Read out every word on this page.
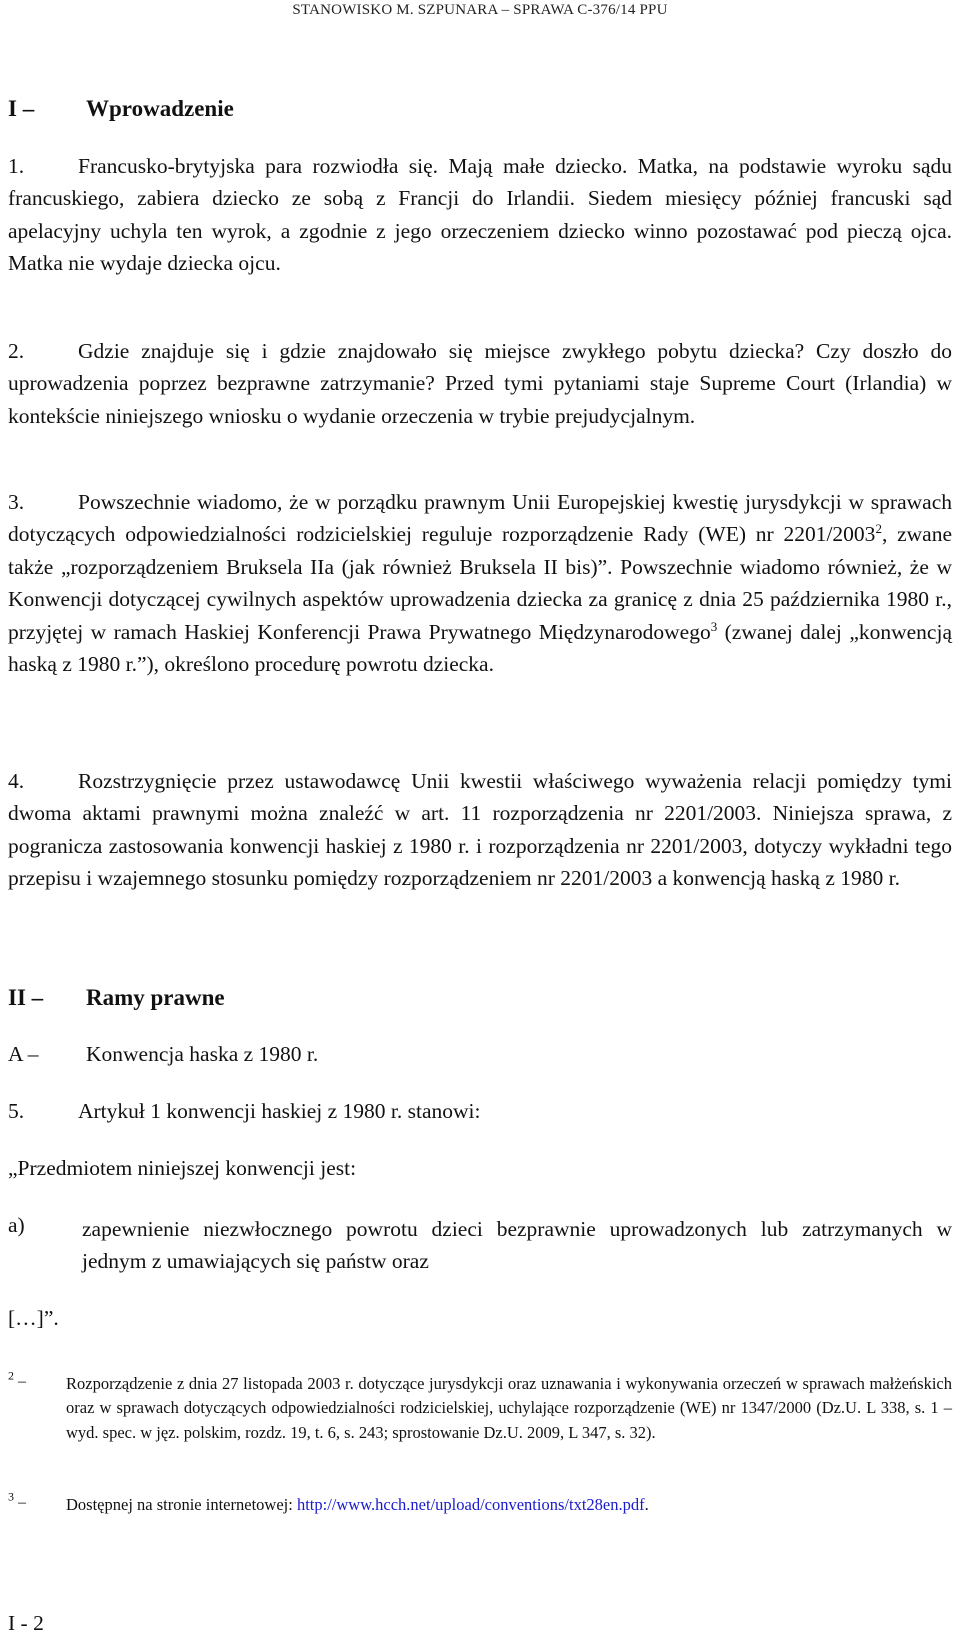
STANOWISKO M. SZPUNARA – SPRAWA C-376/14 PPU
I – Wprowadzenie
1.	Francusko-brytyjska para rozwiodła się. Mają małe dziecko. Matka, na podstawie wyroku sądu francuskiego, zabiera dziecko ze sobą z Francji do Irlandii. Siedem miesięcy później francuski sąd apelacyjny uchyla ten wyrok, a zgodnie z jego orzeczeniem dziecko winno pozostawać pod pieczą ojca. Matka nie wydaje dziecka ojcu.
2.	Gdzie znajduje się i gdzie znajdowało się miejsce zwykłego pobytu dziecka? Czy doszło do uprowadzenia poprzez bezprawne zatrzymanie? Przed tymi pytaniami staje Supreme Court (Irlandia) w kontekście niniejszego wniosku o wydanie orzeczenia w trybie prejudycjalnym.
3.	Powszechnie wiadomo, że w porządku prawnym Unii Europejskiej kwestię jurysdykcji w sprawach dotyczących odpowiedzialności rodzicielskiej reguluje rozporządzenie Rady (WE) nr 2201/2003$^2$, zwane także „rozporządzeniem Bruksela IIa (jak również Bruksela II bis)”. Powszechnie wiadomo również, że w Konwencji dotyczącej cywilnych aspektów uprowadzenia dziecka za granicę z dnia 25 października 1980 r., przyjętej w ramach Haskiej Konferencji Prawa Prywatnego Międzynarodowego$^3$ (zwanej dalej „konwencją haską z 1980 r.”), określono procedurę powrotu dziecka.
4.	Rozstrzygnięcie przez ustawodawcę Unii kwestii właściwego wyważenia relacji pomiędzy tymi dwoma aktami prawnymi można znaleźć w art. 11 rozporządzenia nr 2201/2003. Niniejsza sprawa, z pogranicza zastosowania konwencji haskiej z 1980 r. i rozporządzenia nr 2201/2003, dotyczy wykładni tego przepisu i wzajemnego stosunku pomiędzy rozporządzeniem nr 2201/2003 a konwencją haską z 1980 r.
II – Ramy prawne
A – Konwencja haska z 1980 r.
5.	Artykuł 1 konwencji haskiej z 1980 r. stanowi:
„Przedmiotem niniejszej konwencji jest:
a)	zapewnienie niezwłocznego powrotu dzieci bezprawnie uprowadzonych lub zatrzymanych w jednym z umawiających się państw oraz
[…]”.
$^2$ – Rozporządzenie z dnia 27 listopada 2003 r. dotyczące jurysdykcji oraz uznawania i wykonywania orzeczeń w sprawach małżeńskich oraz w sprawach dotyczących odpowiedzialności rodzicielskiej, uchylające rozporządzenie (WE) nr 1347/2000 (Dz.U. L 338, s. 1 – wyd. spec. w jęz. polskim, rozdz. 19, t. 6, s. 243; sprostowanie Dz.U. 2009, L 347, s. 32).
$^3$ – Dostępnej na stronie internetowej: http://www.hcch.net/upload/conventions/txt28en.pdf.
I - 2
